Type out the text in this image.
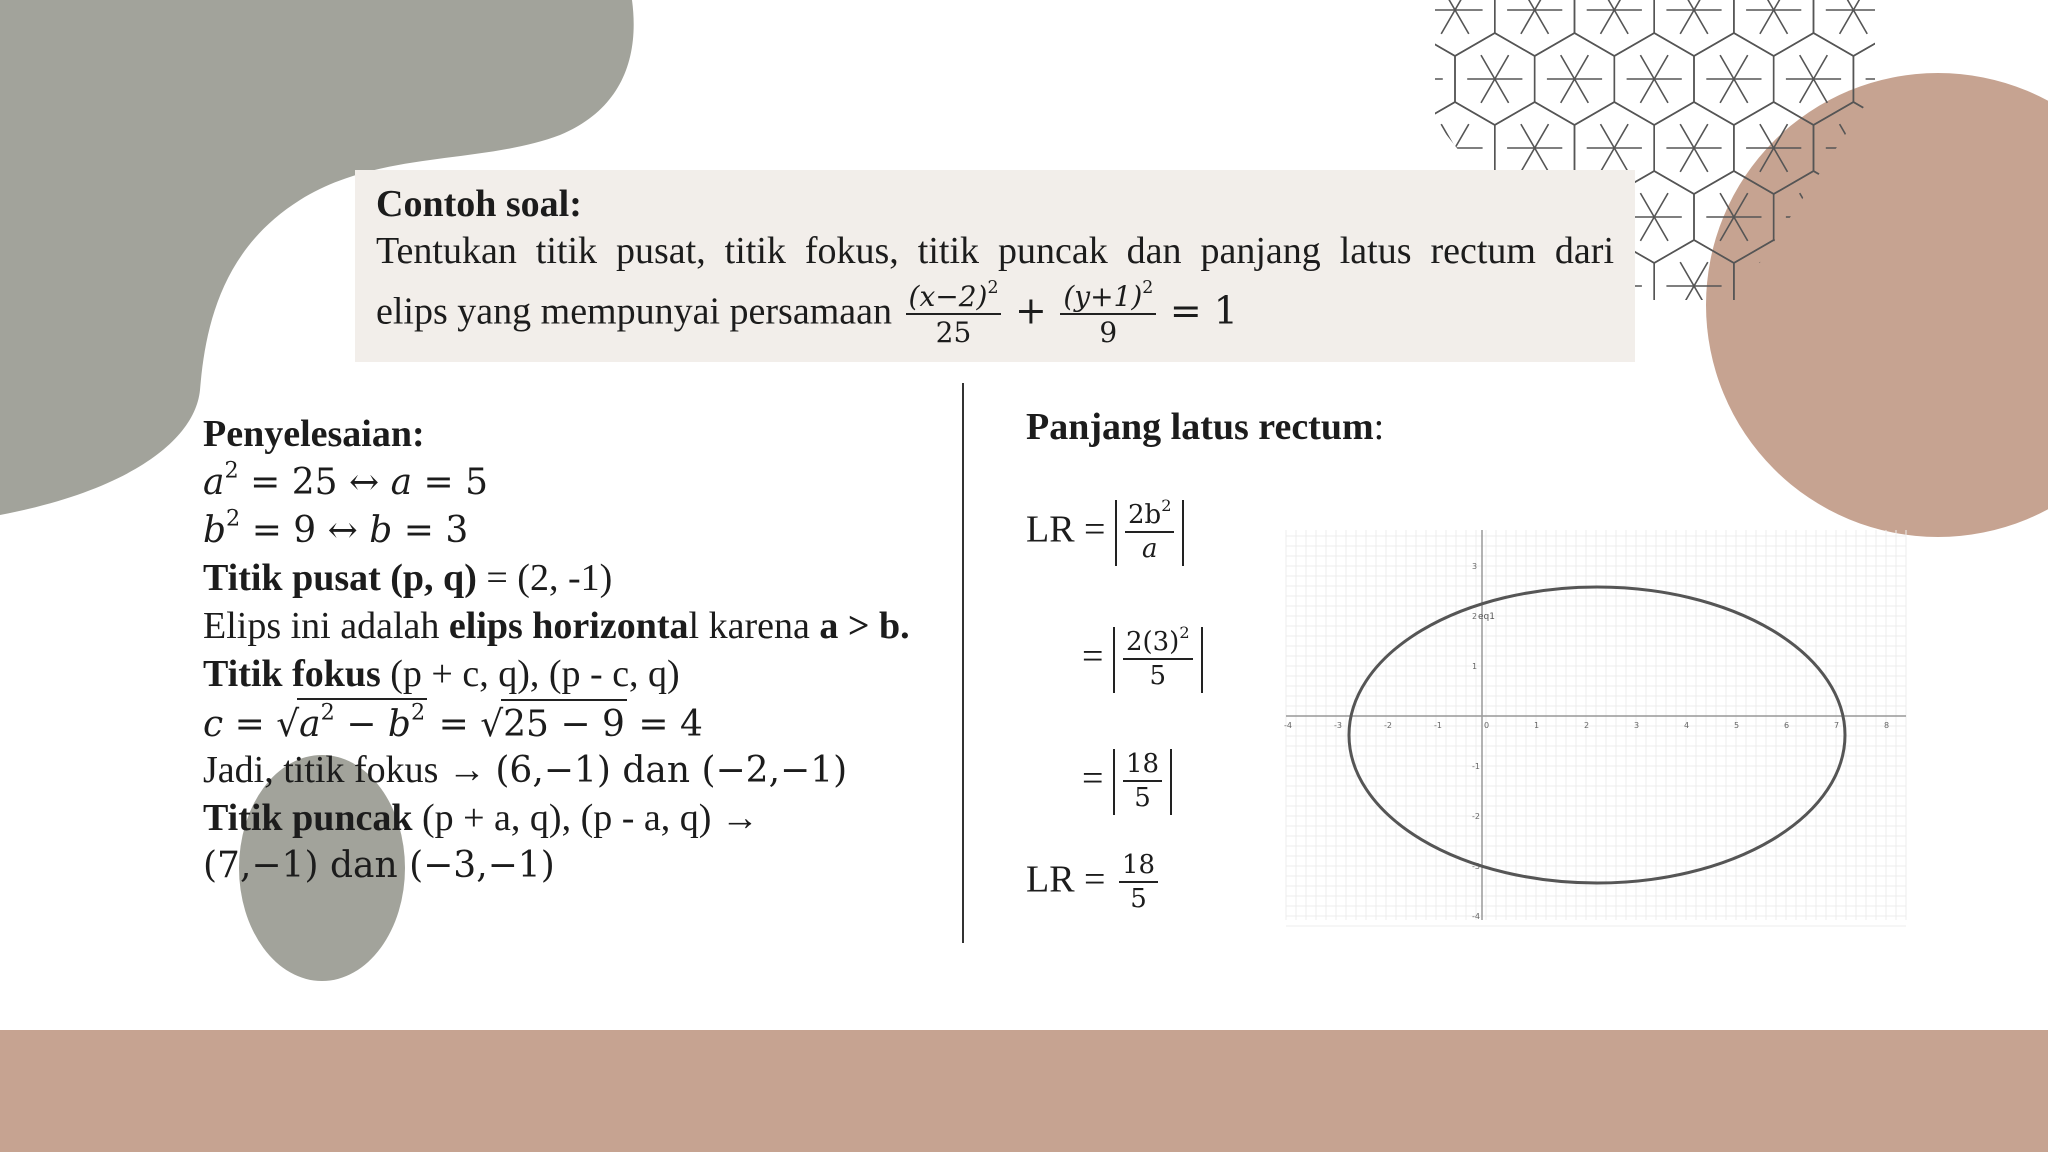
Contoh soal:
Tentukan titik pusat, titik fokus, titik puncak dan panjang latus rectum dari
elips yang mempunyai persamaan $\frac{(x-2)^2}{25} + \frac{(y+1)^2}{9} = 1$
Penyelesaian:
$a^2 = 25$ ↔ a = 5
$b^2 = 9$ ↔ b = 3
Titik pusat (p, q) = (2, -1)
Elips ini adalah elips horizontal karena a > b.
Titik fokus (p + c, q), (p - c, q)
$c = √a^2 - b^2 = √25 - 9 = 4$
Jadi, titik fokus → (6,−1) dan (−2,−1)
Titik puncak (p + a, q), (p - a, q) →
(7,−1) dan (−3,−1)
Panjang latus rectum:
LR = $\frac{2b^2}{a}$
= $\frac{2(3)^2}{5}$
= $\frac{18}{5}$
LR = $\frac{18}{5}$
-4	-3	-2	-1	0	1	2	3	4	5	6	7	8
3
2
1
-1
-2
-3
-4
eq1
